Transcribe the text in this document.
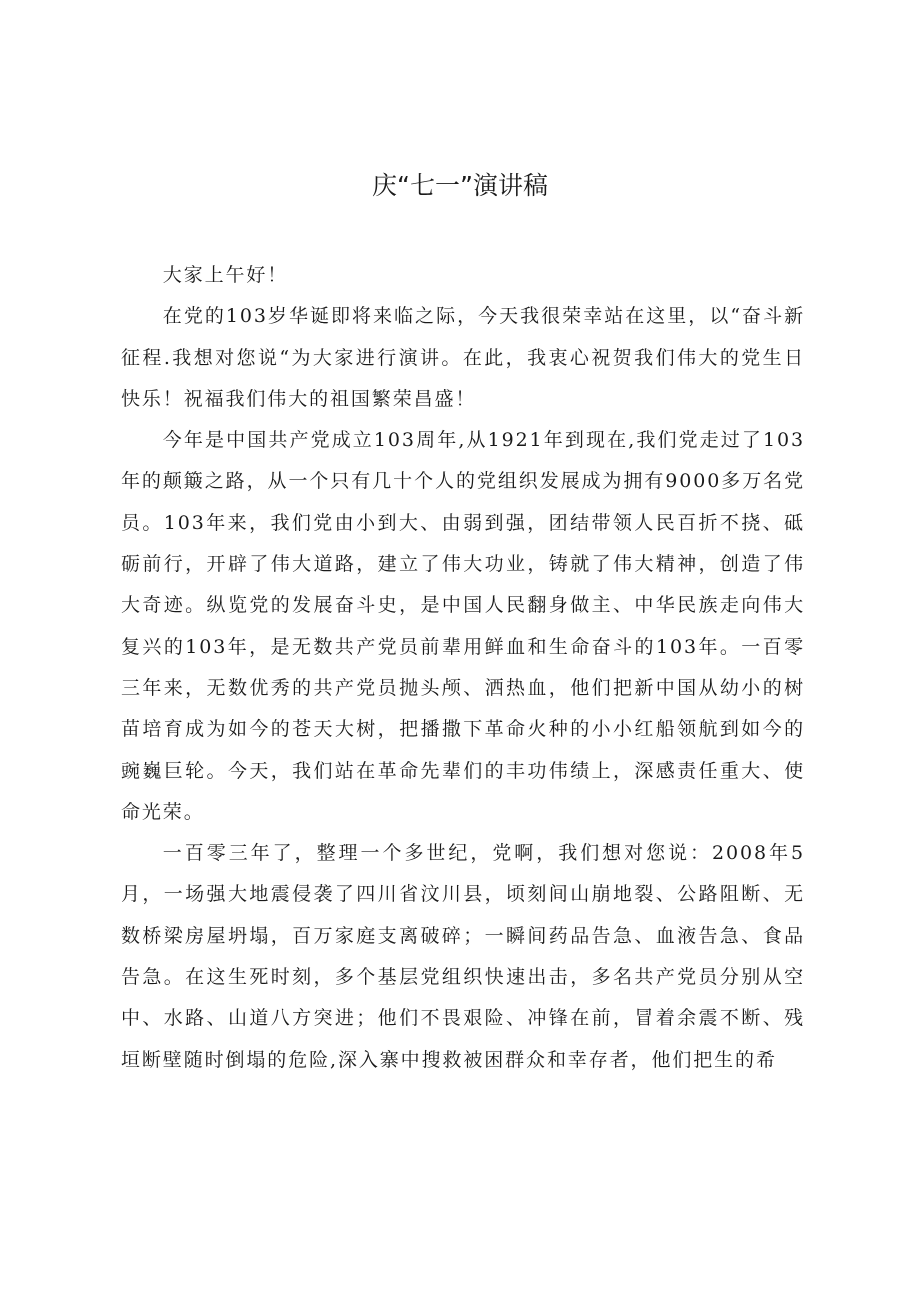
庆“七一”演讲稿

大家上午好！

在党的103岁华诞即将来临之际，今天我很荣幸站在这里，以“奋斗新征程.我想对您说“为大家进行演讲。在此，我衷心祝贺我们伟大的党生日快乐！祝福我们伟大的祖国繁荣昌盛！

今年是中国共产党成立103周年,从1921年到现在,我们党走过了103年的颠簸之路，从一个只有几十个人的党组织发展成为拥有9000多万名党员。103年来，我们党由小到大、由弱到强，团结带领人民百折不挠、砥砺前行，开辟了伟大道路，建立了伟大功业，铸就了伟大精神，创造了伟大奇迹。纵览党的发展奋斗史，是中国人民翻身做主、中华民族走向伟大复兴的103年，是无数共产党员前辈用鲜血和生命奋斗的103年。一百零三年来，无数优秀的共产党员抛头颅、洒热血，他们把新中国从幼小的树苗培育成为如今的苍天大树，把播撒下革命火种的小小红船领航到如今的豌巍巨轮。今天，我们站在革命先辈们的丰功伟绩上，深感责任重大、使命光荣。

一百零三年了，整理一个多世纪，党啊，我们想对您说：2008年5月，一场强大地震侵袭了四川省汶川县，顷刻间山崩地裂、公路阻断、无数桥梁房屋坍塌，百万家庭支离破碎；一瞬间药品告急、血液告急、食品告急。在这生死时刻，多个基层党组织快速出击，多名共产党员分别从空中、水路、山道八方突进；他们不畏艰险、冲锋在前，冒着余震不断、残垣断壁随时倒塌的危险,深入寨中搜救被困群众和幸存者，他们把生的希
